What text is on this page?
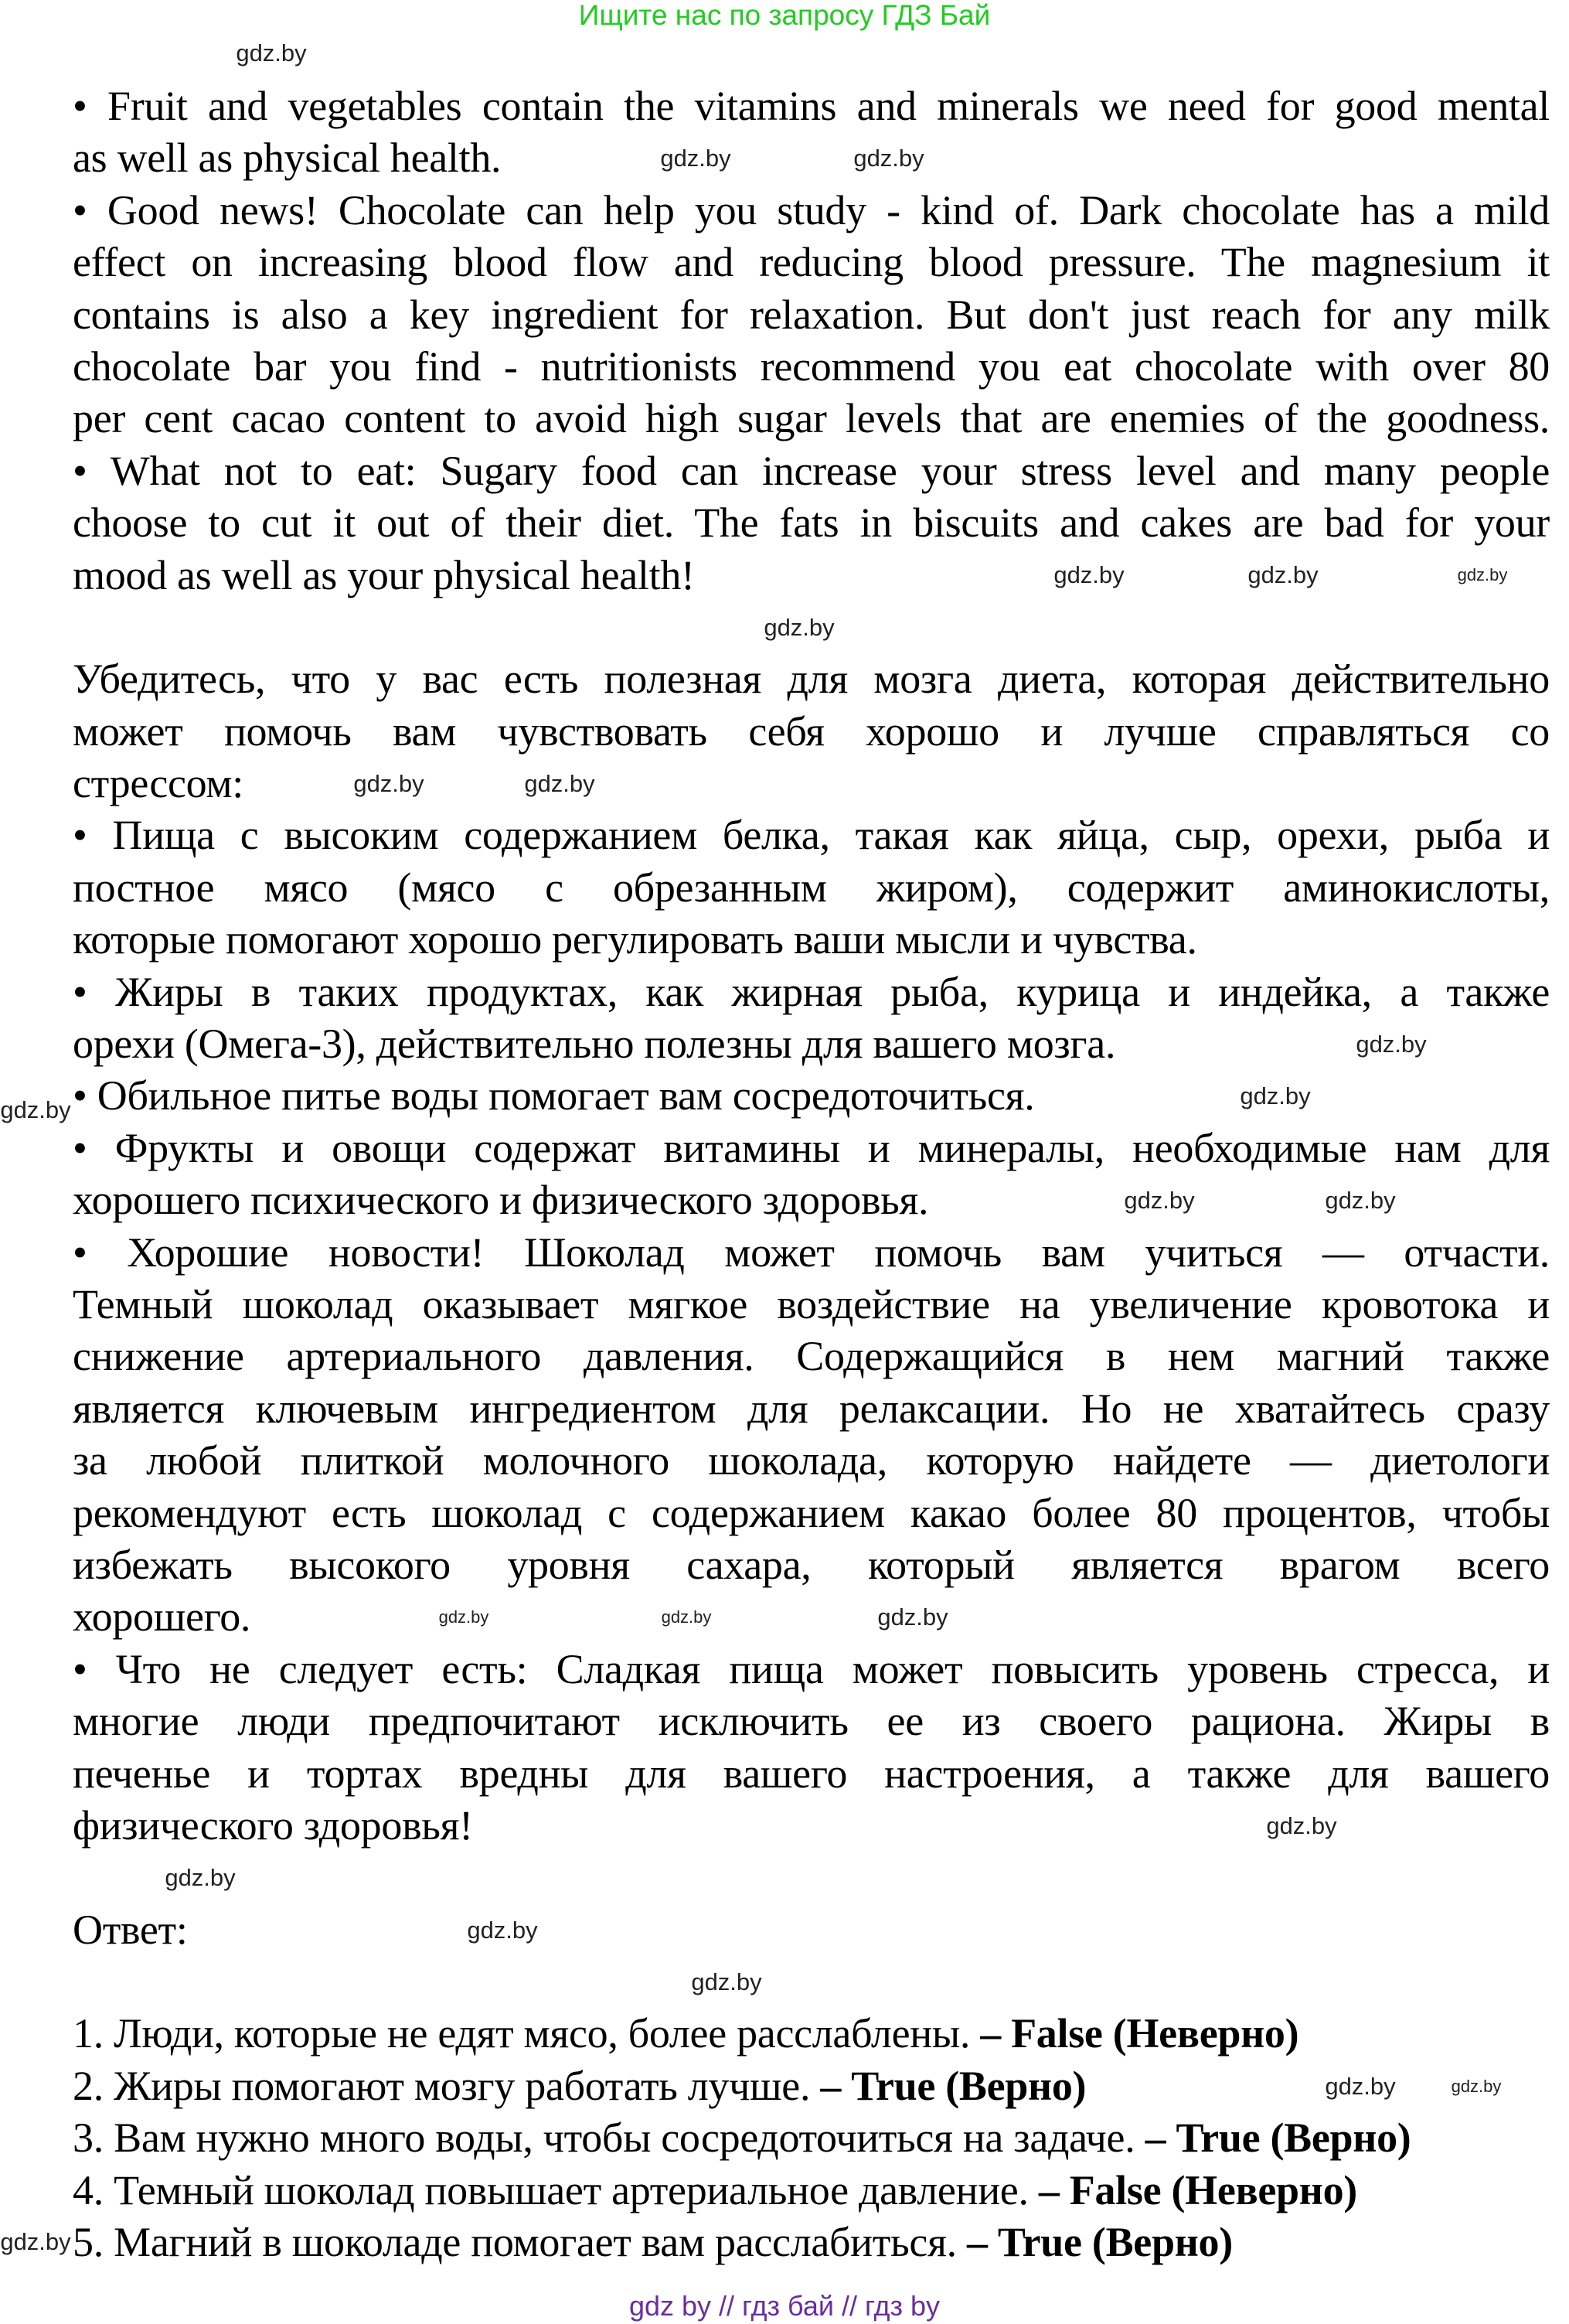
Ищите нас по запросу ГДЗ Бай
• Fruit and vegetables contain the vitamins and minerals we need for good mental
as well as physical health.
• Good news! Chocolate can help you study - kind of. Dark chocolate has a mild
effect on increasing blood flow and reducing blood pressure. The magnesium it
contains is also a key ingredient for relaxation. But don't just reach for any milk
chocolate bar you find - nutritionists recommend you eat chocolate with over 80
per cent cacao content to avoid high sugar levels that are enemies of the goodness.
• What not to eat: Sugary food can increase your stress level and many people
choose to cut it out of their diet. The fats in biscuits and cakes are bad for your
mood as well as your physical health!
Убедитесь, что у вас есть полезная для мозга диета, которая действительно
может помочь вам чувствовать себя хорошо и лучше справляться со
стрессом:
• Пища с высоким содержанием белка, такая как яйца, сыр, орехи, рыба и
постное мясо (мясо с обрезанным жиром), содержит аминокислоты,
которые помогают хорошо регулировать ваши мысли и чувства.
• Жиры в таких продуктах, как жирная рыба, курица и индейка, а также
орехи (Омега-3), действительно полезны для вашего мозга.
• Обильное питье воды помогает вам сосредоточиться.
• Фрукты и овощи содержат витамины и минералы, необходимые нам для
хорошего психического и физического здоровья.
• Хорошие новости! Шоколад может помочь вам учиться — отчасти.
Темный шоколад оказывает мягкое воздействие на увеличение кровотока и
снижение артериального давления. Содержащийся в нем магний также
является ключевым ингредиентом для релаксации. Но не хватайтесь сразу
за любой плиткой молочного шоколада, которую найдете — диетологи
рекомендуют есть шоколад с содержанием какао более 80 процентов, чтобы
избежать высокого уровня сахара, который является врагом всего
хорошего.
• Что не следует есть: Сладкая пища может повысить уровень стресса, и
многие люди предпочитают исключить ее из своего рациона. Жиры в
печенье и тортах вредны для вашего настроения, а также для вашего
физического здоровья!
Ответ:
1. Люди, которые не едят мясо, более расслаблены. – False (Неверно)
2. Жиры помогают мозгу работать лучше. – True (Верно)
3. Вам нужно много воды, чтобы сосредоточиться на задаче. – True (Верно)
4. Темный шоколад повышает артериальное давление. – False (Неверно)
5. Магний в шоколаде помогает вам расслабиться. – True (Верно)
gdz by // гдз бай // гдз by
gdz.by
gdz.by	gdz.by
gdz.by
gdz.by	gdz.by
gdz.by
gdz.by	gdz.by
gdz.by
gdz.by
gdz.by
gdz.by	gdz.by
gdz.by
gdz.by	gdz.by
gdz.by
gdz.by
gdz.by
gdz.by
gdz.by	gdz.by
gdz.by
